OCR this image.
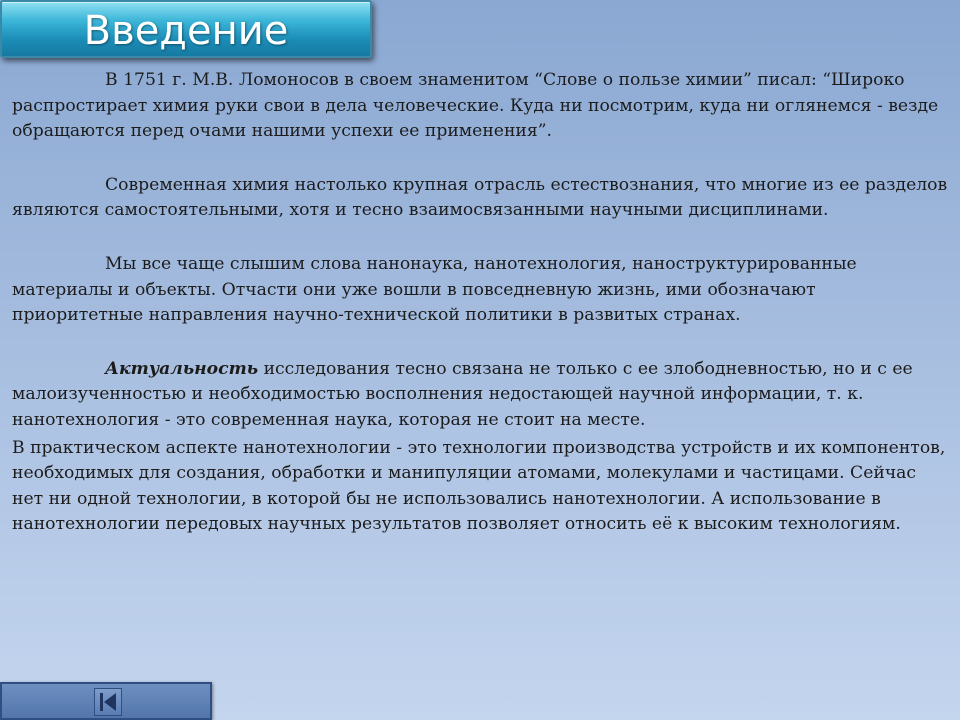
Введение

В 1751 г. М.В. Ломоносов в своем знаменитом “Слове о пользе химии” писал: “Широко распростирает химия руки свои в дела человеческие. Куда ни посмотрим, куда ни оглянемся - везде обращаются перед очами нашими успехи ее применения”.

Современная химия настолько крупная отрасль естествознания, что многие из ее разделов являются самостоятельными, хотя и тесно взаимосвязанными научными дисциплинами.

Мы все чаще слышим слова нанонаука, нанотехнология, наноструктурированные материалы и объекты. Отчасти они уже вошли в повседневную жизнь, ими обозначают приоритетные направления научно-технической политики в развитых странах.

Актуальность исследования тесно связана не только с ее злободневностью, но и с ее малоизученностью и необходимостью восполнения недостающей научной информации, т. к. нанотехнология - это современная наука, которая не стоит на месте.

В практическом аспекте нанотехнологии - это технологии производства устройств и их компонентов, необходимых для создания, обработки и манипуляции атомами, молекулами и частицами. Сейчас нет ни одной технологии, в которой бы не использовались нанотехнологии. А использование в нанотехнологии передовых научных результатов позволяет относить её к высоким технологиям.
